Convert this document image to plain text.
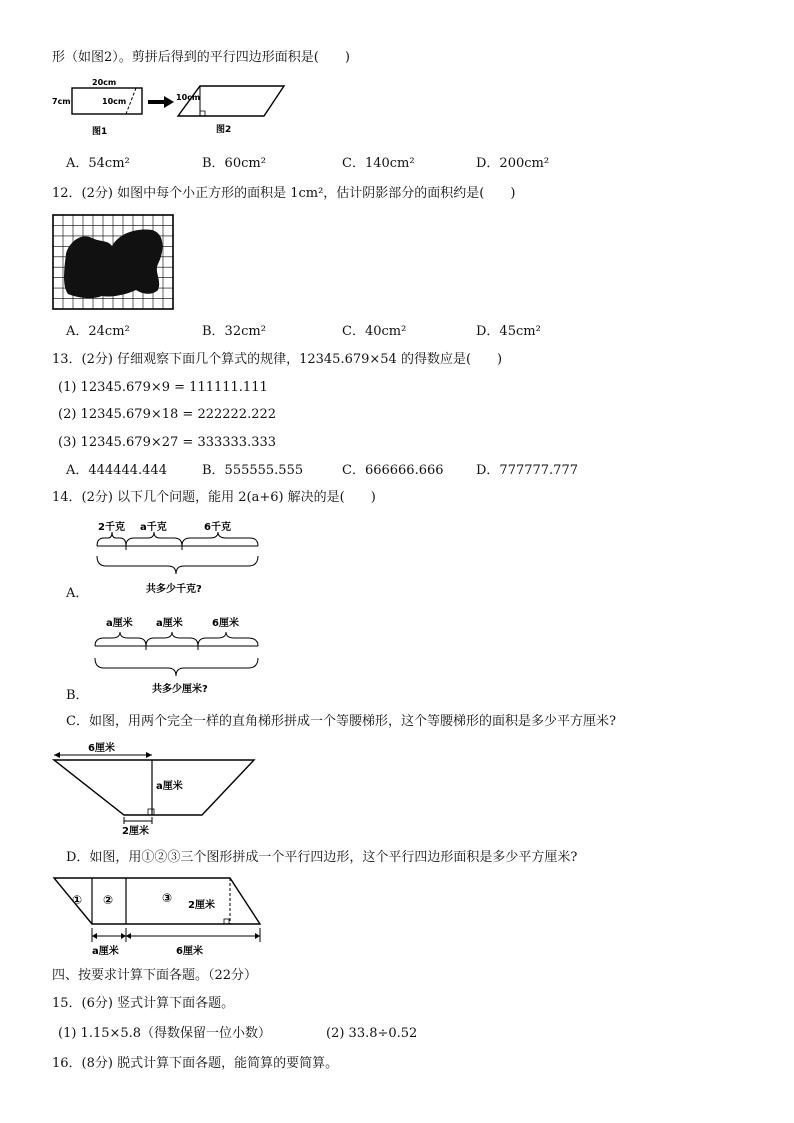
形（如图2）。剪拼后得到的平行四边形面积是(　　)
20cm
7cm	10cm
图1
10cm
图2
A．54cm²	B．60cm²	C．140cm²	D．200cm²
12．(2分) 如图中每个小正方形的面积是 1cm²，估计阴影部分的面积约是(　　)
A．24cm²	B．32cm²	C．40cm²	D．45cm²
13．(2分) 仔细观察下面几个算式的规律，12345.679×54 的得数应是(　　)
(1) 12345.679×9 = 111111.111
(2) 12345.679×18 = 222222.222
(3) 12345.679×27 = 333333.333
A．444444.444	B．555555.555	C．666666.666 D．777777.777
14．(2分) 以下几个问题，能用 2(a+6) 解决的是(　　)
A．
2千克 a千克	6千克
共多少千克?
B．
a厘米 a厘米	6厘米
共多少厘米?
C．如图，用两个完全一样的直角梯形拼成一个等腰梯形，这个等腰梯形的面积是多少平方厘米?
6厘米
a厘米
2厘米
D．如图，用①②③三个图形拼成一个平行四边形，这个平行四边形面积是多少平方厘米?
① ②	③
2厘米
a厘米	6厘米
四、按要求计算下面各题。（22分）
15．(6分) 竖式计算下面各题。
(1) 1.15×5.8（得数保留一位小数）	(2) 33.8÷0.52
16．(8分) 脱式计算下面各题，能简算的要简算。
